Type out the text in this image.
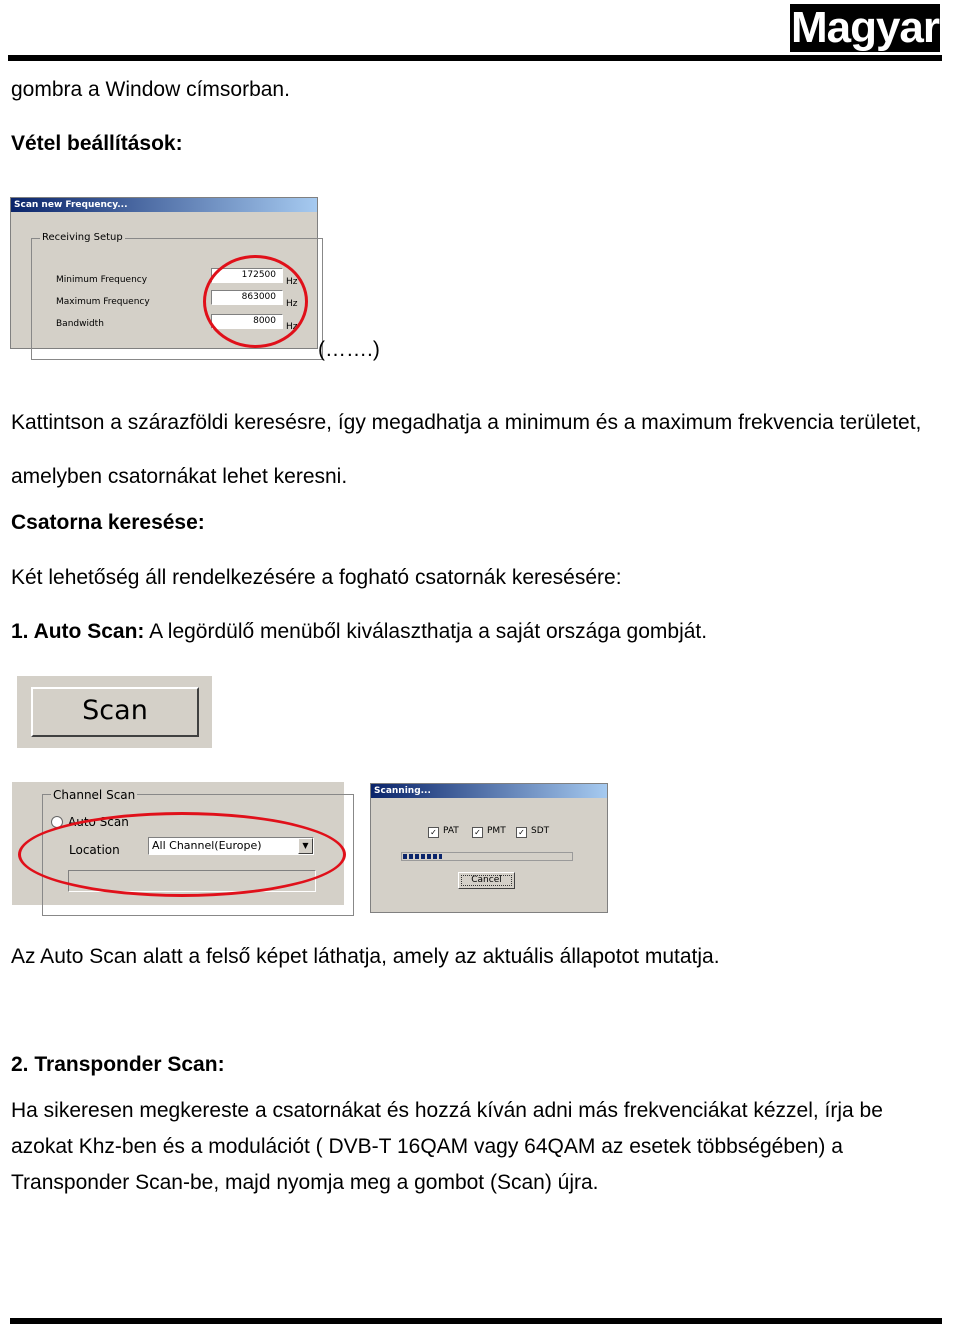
Magyar
gombra a Window címsorban.
Vétel beállítások:
Scan new Frequency...
Receiving Setup
Minimum Frequency
Maximum Frequency
Bandwidth
172500
863000
8000
Hz
Hz
Hz
(…….)
Kattintson a szárazföldi keresésre, így megadhatja a minimum és a maximum frekvencia területet, amelyben csatornákat lehet keresni.
Csatorna keresése:
Két lehetőség áll rendelkezésére a fogható csatornák keresésére:
1. Auto Scan: A legördülő menüből kiválaszthatja a saját országa gombját.
Scan
Channel Scan
Auto Scan
Location	All Channel(Europe)	▼
Scanning...
✓ PAT ✓ PMT ✓ SDT
Cancel
Az Auto Scan alatt a felső képet láthatja, amely az aktuális állapotot mutatja.
2. Transponder Scan:
Ha sikeresen megkereste a csatornákat és hozzá kíván adni más frekvenciákat kézzel, írja be azokat Khz-ben és a modulációt ( DVB-T 16QAM vagy 64QAM az esetek többségében) a Transponder Scan-be, majd nyomja meg a gombot (Scan) újra.
